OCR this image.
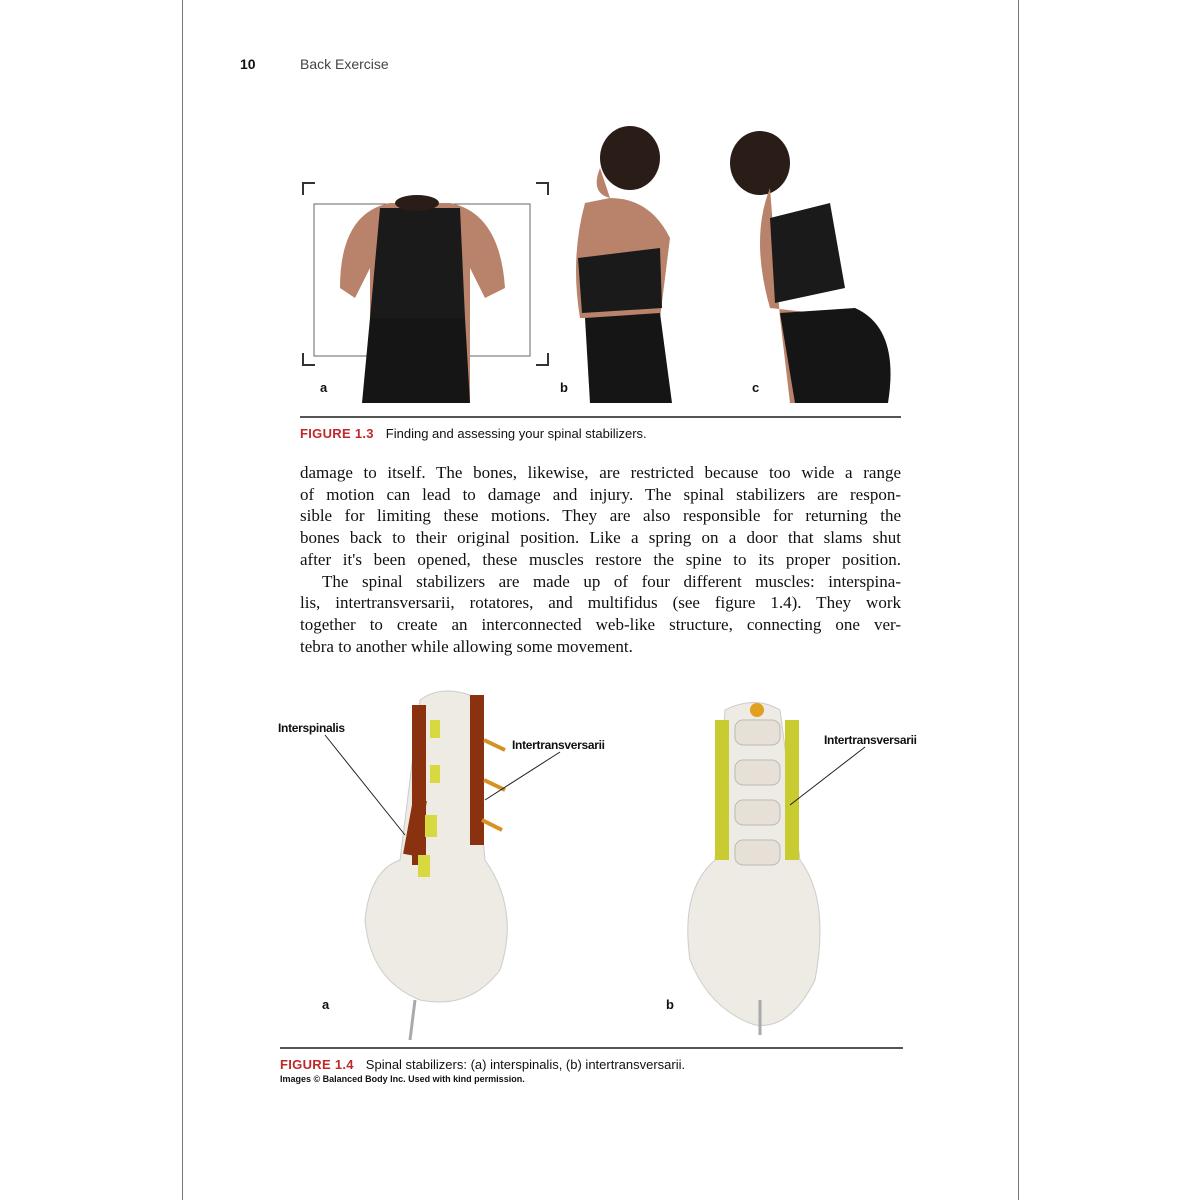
10	Back Exercise
a	b	c
FIGURE 1.3 Finding and assessing your spinal stabilizers.
damage to itself. The bones, likewise, are restricted because too wide a range
of motion can lead to damage and injury. The spinal stabilizers are respon-
sible for limiting these motions. They are also responsible for returning the
bones back to their original position. Like a spring on a door that slams shut
after it's been opened, these muscles restore the spine to its proper position.
The spinal stabilizers are made up of four different muscles: interspina-
lis, intertransversarii, rotatores, and multifidus (see figure 1.4). They work
together to create an interconnected web-like structure, connecting one ver-
tebra to another while allowing some movement.
Interspinalis
Intertransversarii	Intertransversarii
a	b
FIGURE 1.4 Spinal stabilizers: (a) interspinalis, (b) intertransversarii.
Images © Balanced Body Inc. Used with kind permission.
